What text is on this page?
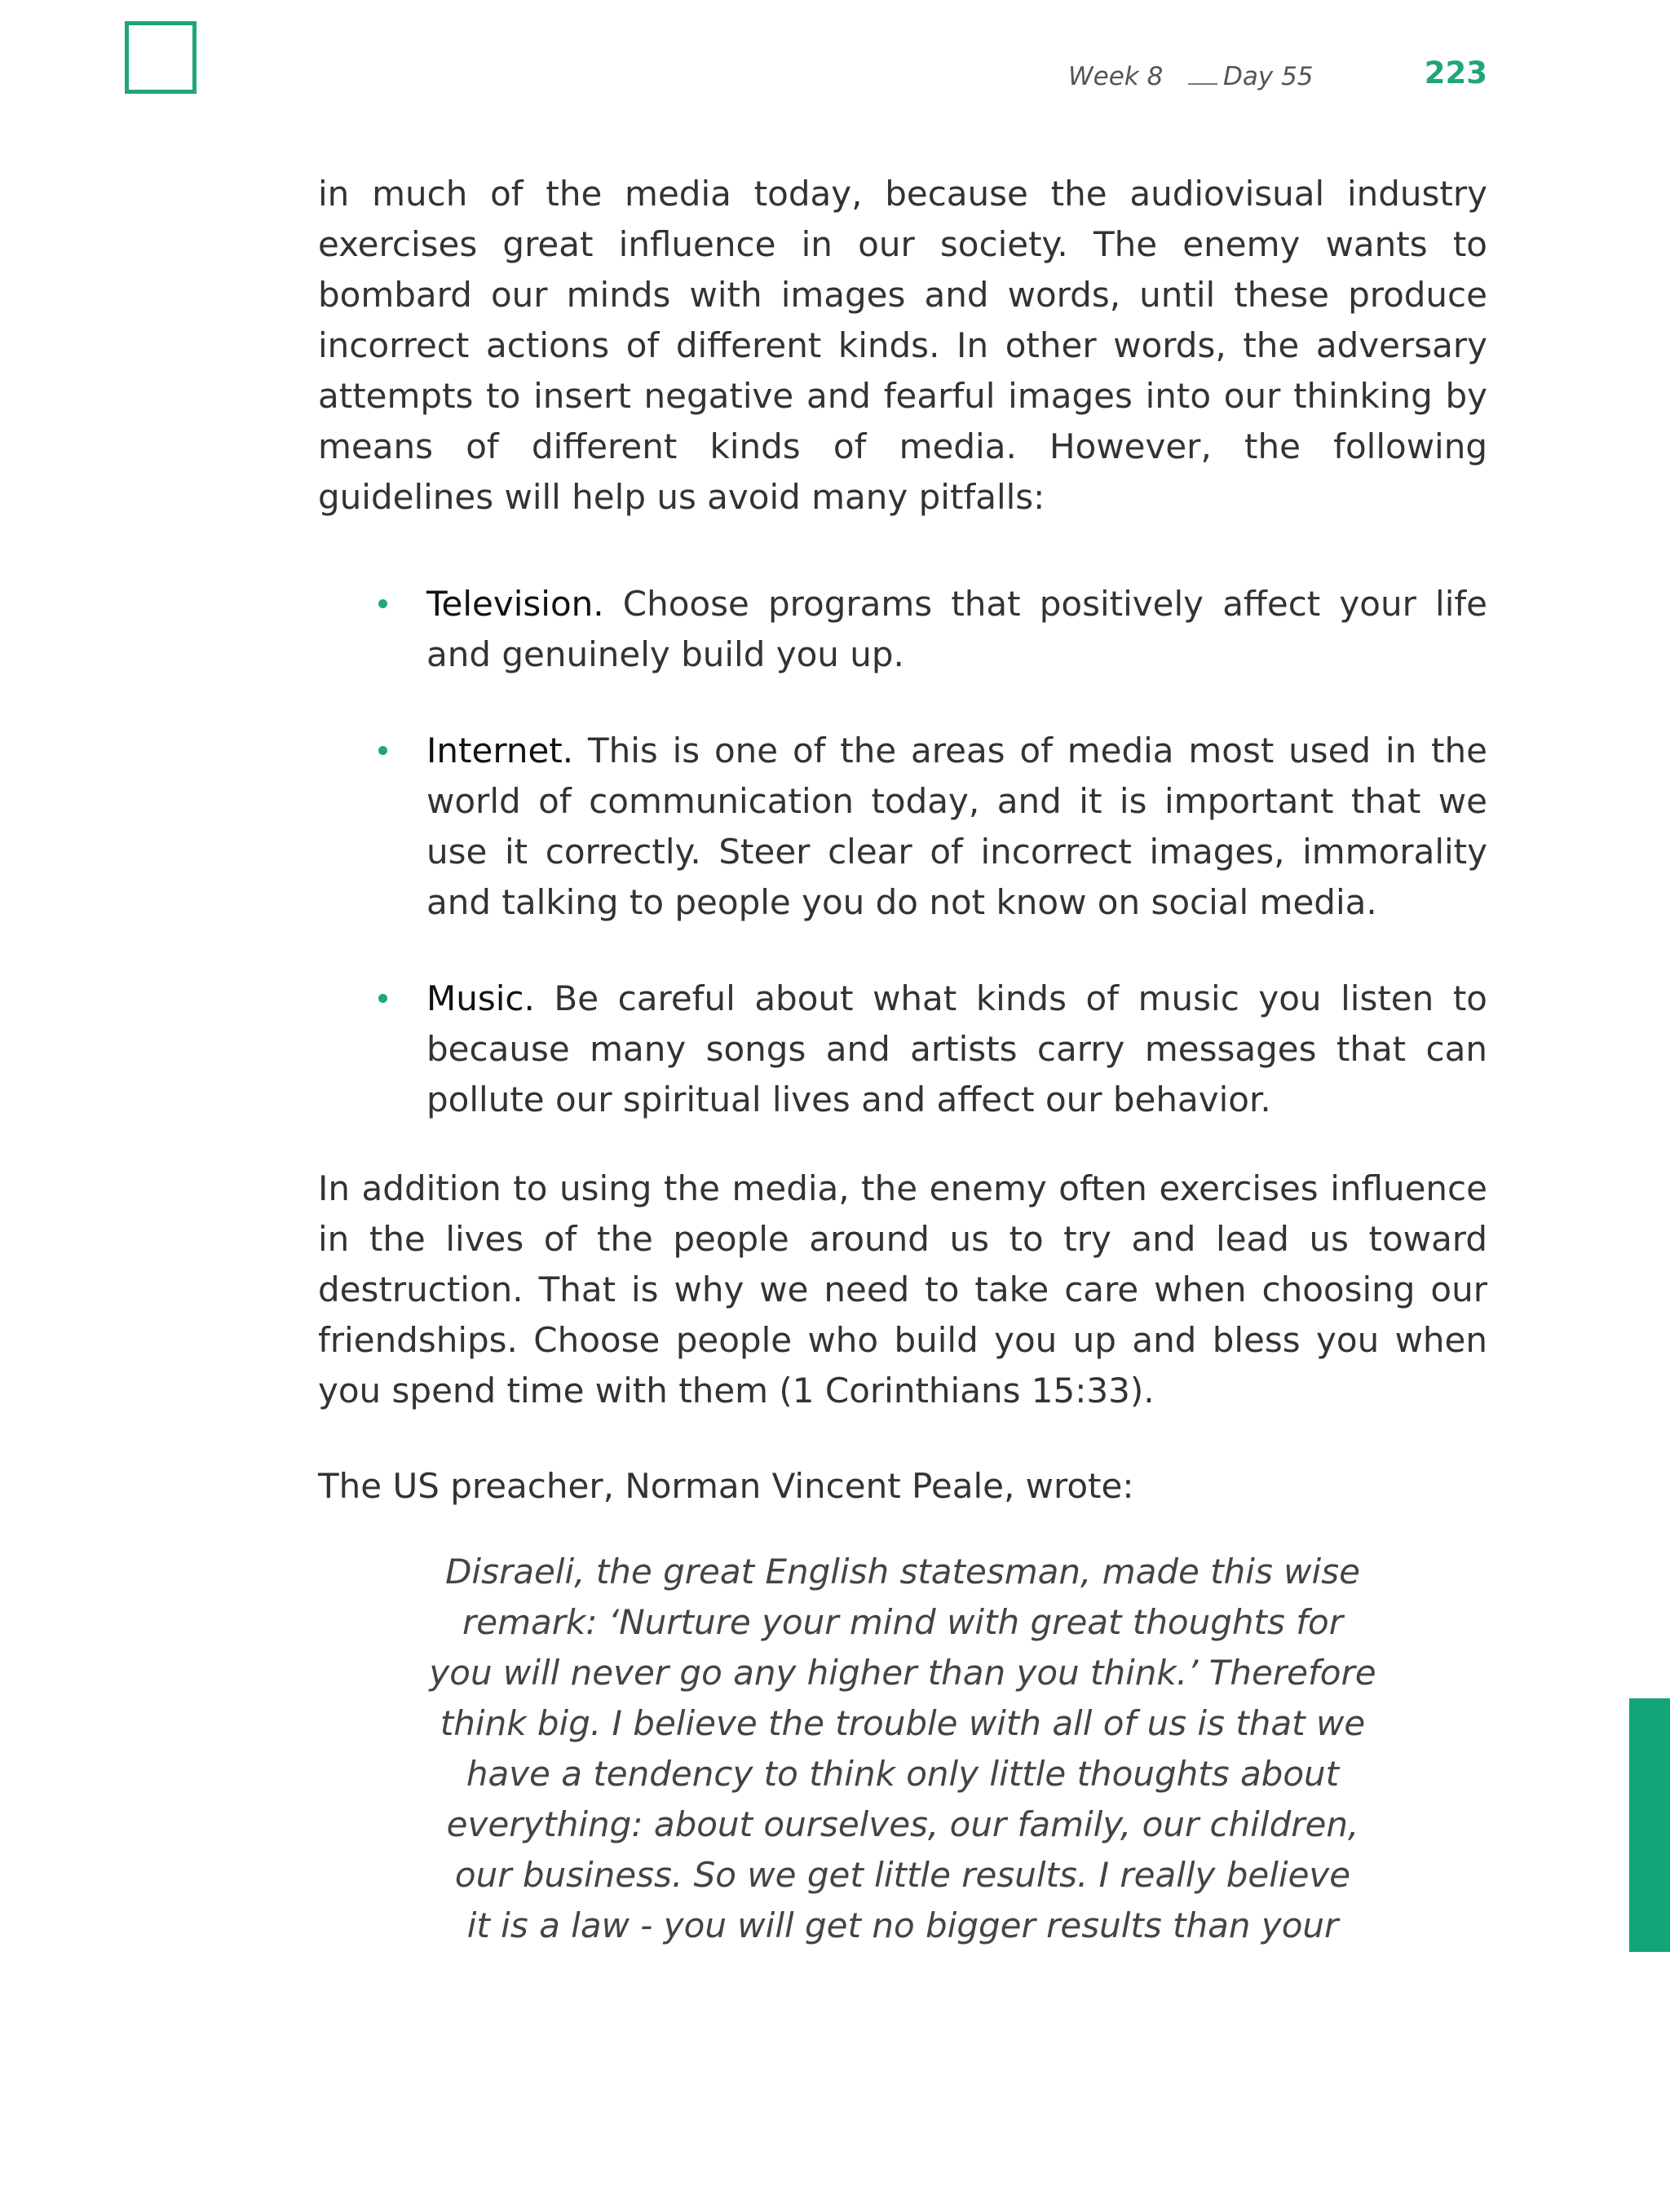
Week 8 Day 55	223

in much of the media today, because the audiovisual industry exercises great influence in our society. The enemy wants to bombard our minds with images and words, until these produce incorrect actions of different kinds. In other words, the adversary attempts to insert negative and fearful images into our thinking by means of different kinds of media. However, the following guidelines will help us avoid many pitfalls:

Television. Choose programs that positively affect your life and genuinely build you up.
Internet. This is one of the areas of media most used in the world of communication today, and it is important that we use it correctly. Steer clear of incorrect images, immorality and talking to people you do not know on social media.
Music. Be careful about what kinds of music you listen to because many songs and artists carry messages that can pollute our spiritual lives and affect our behavior.

In addition to using the media, the enemy often exercises influence in the lives of the people around us to try and lead us toward destruction. That is why we need to take care when choosing our friendships. Choose people who build you up and bless you when you spend time with them (1 Corinthians 15:33).

The US preacher, Norman Vincent Peale, wrote:

Disraeli, the great English statesman, made this wise
remark: ‘Nurture your mind with great thoughts for
you will never go any higher than you think.’ Therefore
think big. I believe the trouble with all of us is that we
have a tendency to think only little thoughts about
everything: about ourselves, our family, our children,
our business. So we get little results. I really believe
it is a law - you will get no bigger results than your
